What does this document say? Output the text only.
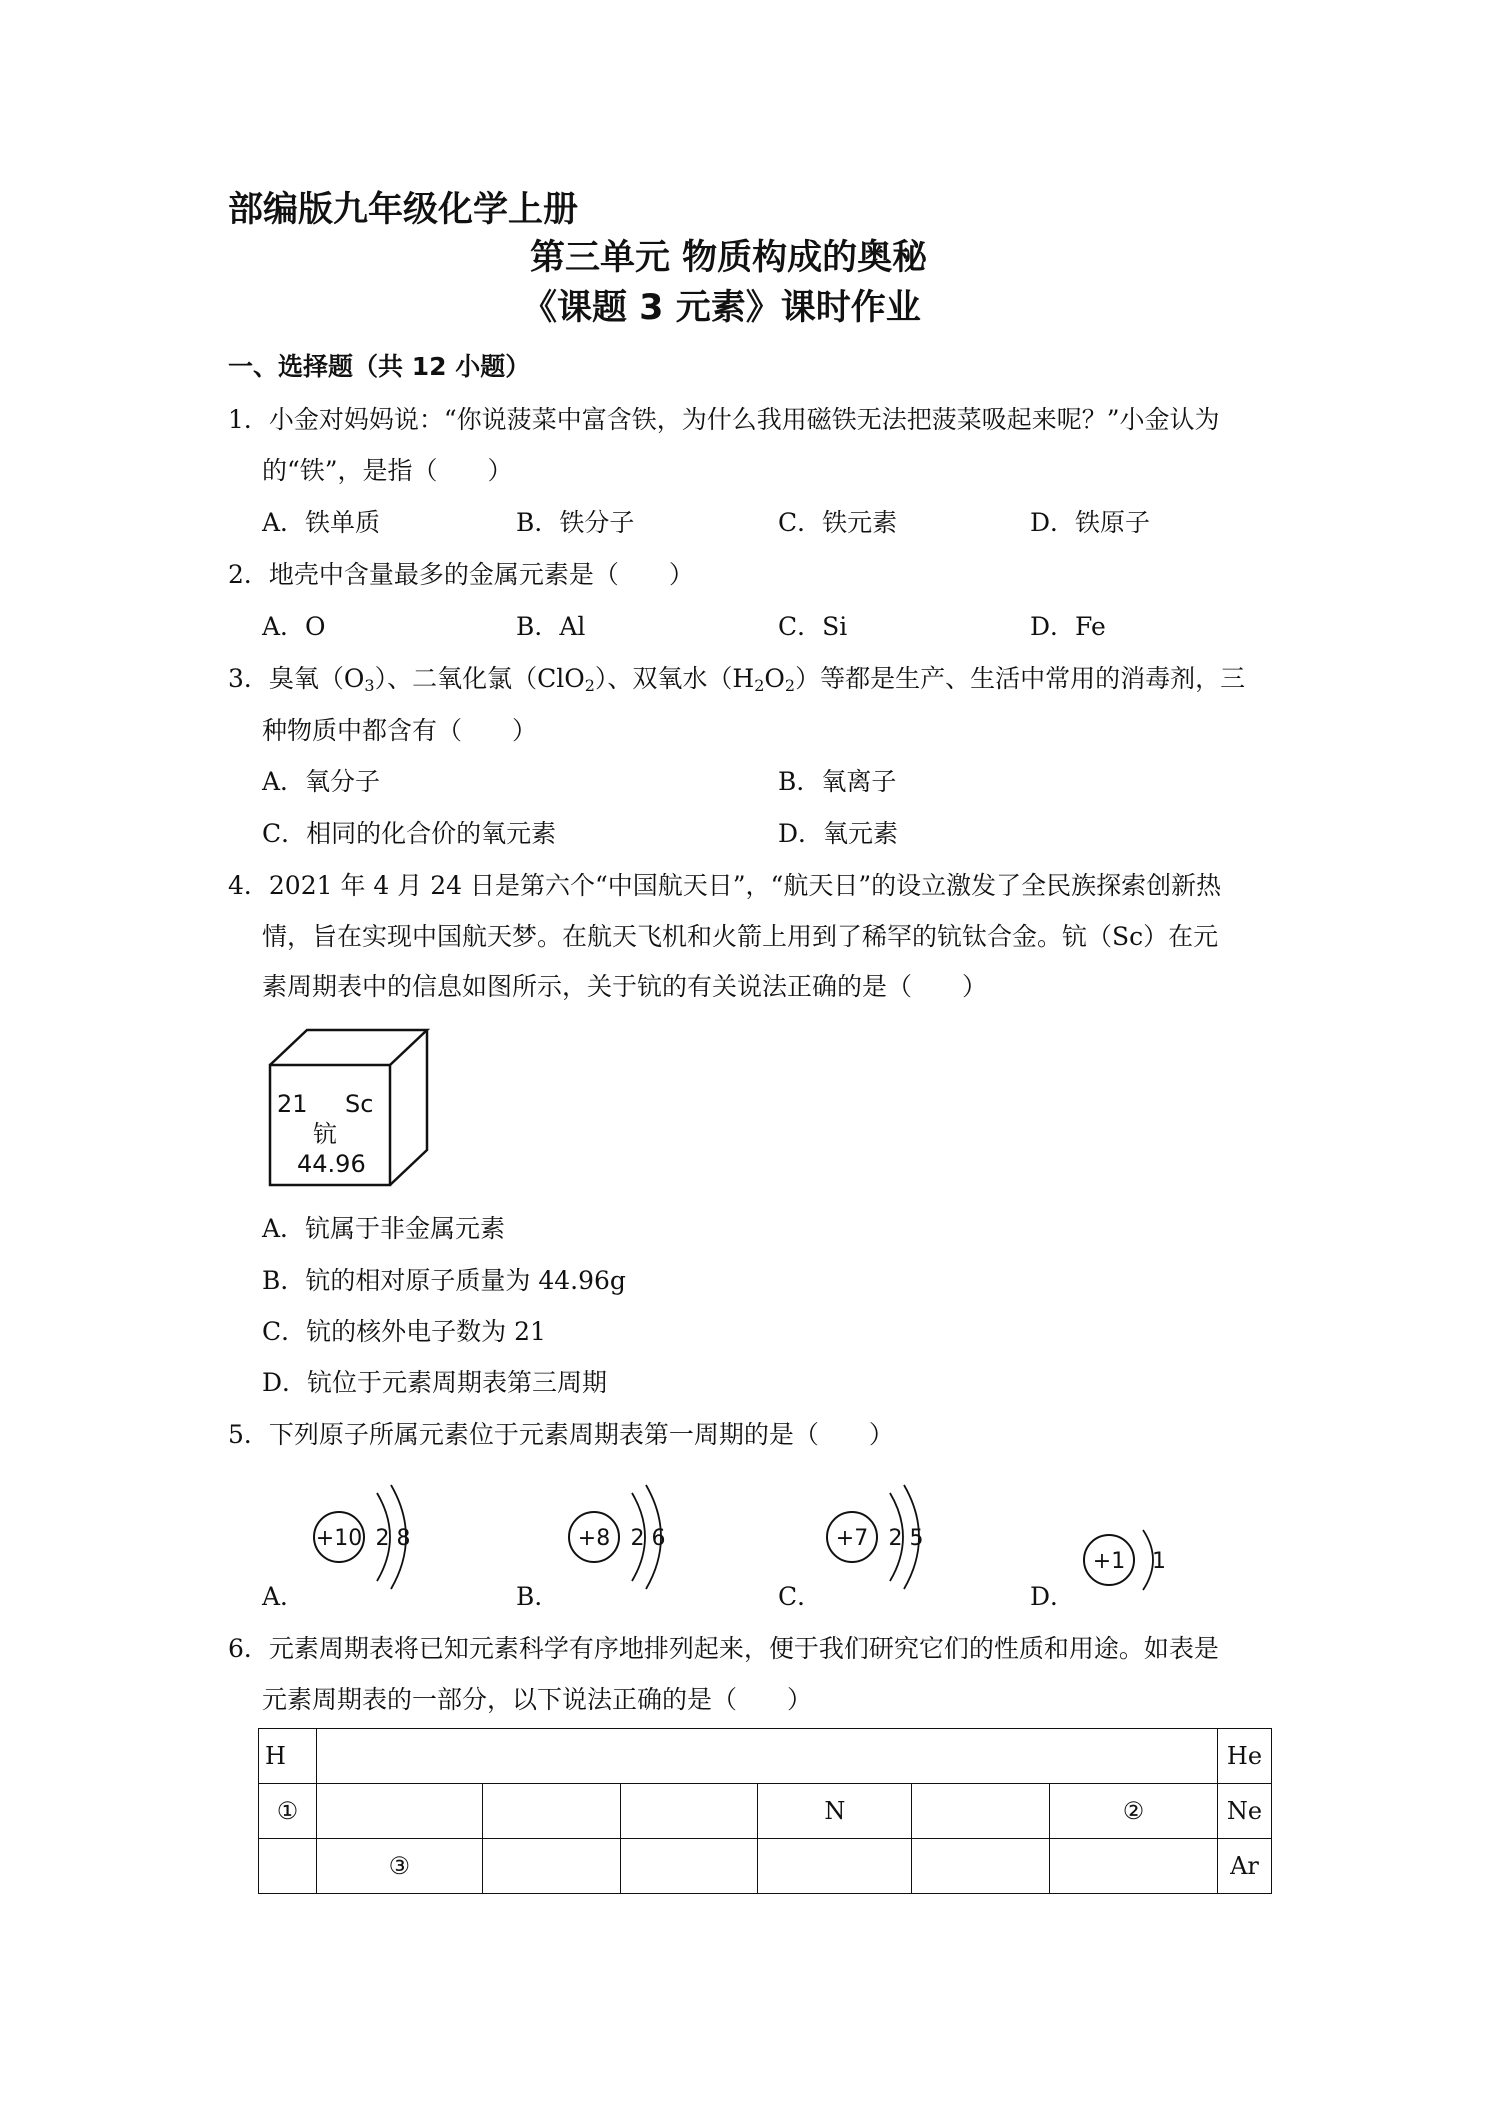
部编版九年级化学上册
第三单元 物质构成的奥秘
《课题 3 元素》课时作业
一、选择题（共 12 小题）
1．小金对妈妈说：“你说菠菜中富含铁，为什么我用磁铁无法把菠菜吸起来呢？”小金认为
的“铁”，是指（　　）
A．铁单质	B．铁分子	C．铁元素	D．铁原子
2．地壳中含量最多的金属元素是（　　）
A．O	B．Al	C．Si	D．Fe
3．臭氧$(O_3)$、二氧化氯（ClO$_2$）、双氧水$(H_2O_2)$等都是生产、生活中常用的消毒剂，三
种物质中都含有（　　）
A．氧分子	B．氧离子
C．相同的化合价的氧元素	D．氧元素
4．2021 年 4 月 24 日是第六个“中国航天日”，“航天日”的设立激发了全民族探索创新热
情，旨在实现中国航天梦。在航天飞机和火箭上用到了稀罕的钪钛合金。钪（Sc）在元
素周期表中的信息如图所示，关于钪的有关说法正确的是（　　）
21 Sc
钪
44.96
A．钪属于非金属元素
B．钪的相对原子质量为 44.96g
C．钪的核外电子数为 21
D．钪位于元素周期表第三周期
5．下列原子所属元素位于元素周期表第一周期的是（　　）
A．
+10 2 8
B．
+8 2 6
C．
+7 2 5
D．
+1 1
6．元素周期表将已知元素科学有序地排列起来，便于我们研究它们的性质和用途。如表是
元素周期表的一部分，以下说法正确的是（　　）
H							He
①				N		②	Ne
	③						Ar
